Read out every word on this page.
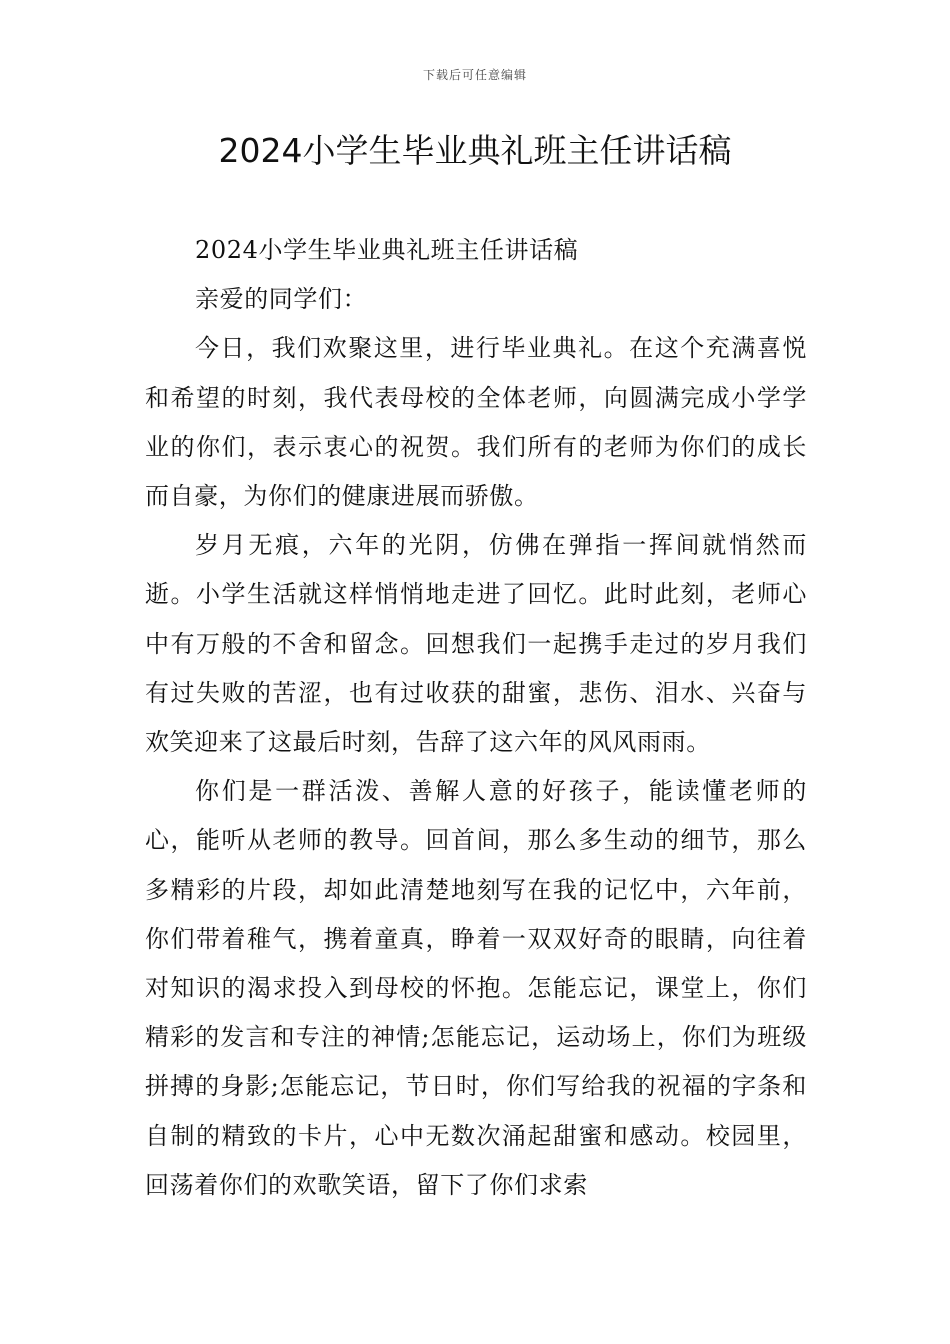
下载后可任意编辑
2024小学生毕业典礼班主任讲话稿

2024小学生毕业典礼班主任讲话稿

亲爱的同学们：

今日，我们欢聚这里，进行毕业典礼。在这个充满喜悦和希望的时刻，我代表母校的全体老师，向圆满完成小学学业的你们，表示衷心的祝贺。我们所有的老师为你们的成长而自豪，为你们的健康进展而骄傲。

岁月无痕，六年的光阴，仿佛在弹指一挥间就悄然而逝。小学生活就这样悄悄地走进了回忆。此时此刻，老师心中有万般的不舍和留念。回想我们一起携手走过的岁月我们有过失败的苦涩，也有过收获的甜蜜，悲伤、泪水、兴奋与欢笑迎来了这最后时刻，告辞了这六年的风风雨雨。

你们是一群活泼、善解人意的好孩子，能读懂老师的心，能听从老师的教导。回首间，那么多生动的细节，那么多精彩的片段，却如此清楚地刻写在我的记忆中，六年前，你们带着稚气，携着童真，睁着一双双好奇的眼睛，向往着对知识的渴求投入到母校的怀抱。怎能忘记，课堂上，你们精彩的发言和专注的神情;怎能忘记，运动场上，你们为班级拼搏的身影;怎能忘记，节日时，你们写给我的祝福的字条和自制的精致的卡片，心中无数次涌起甜蜜和感动。校园里，回荡着你们的欢歌笑语，留下了你们求索
